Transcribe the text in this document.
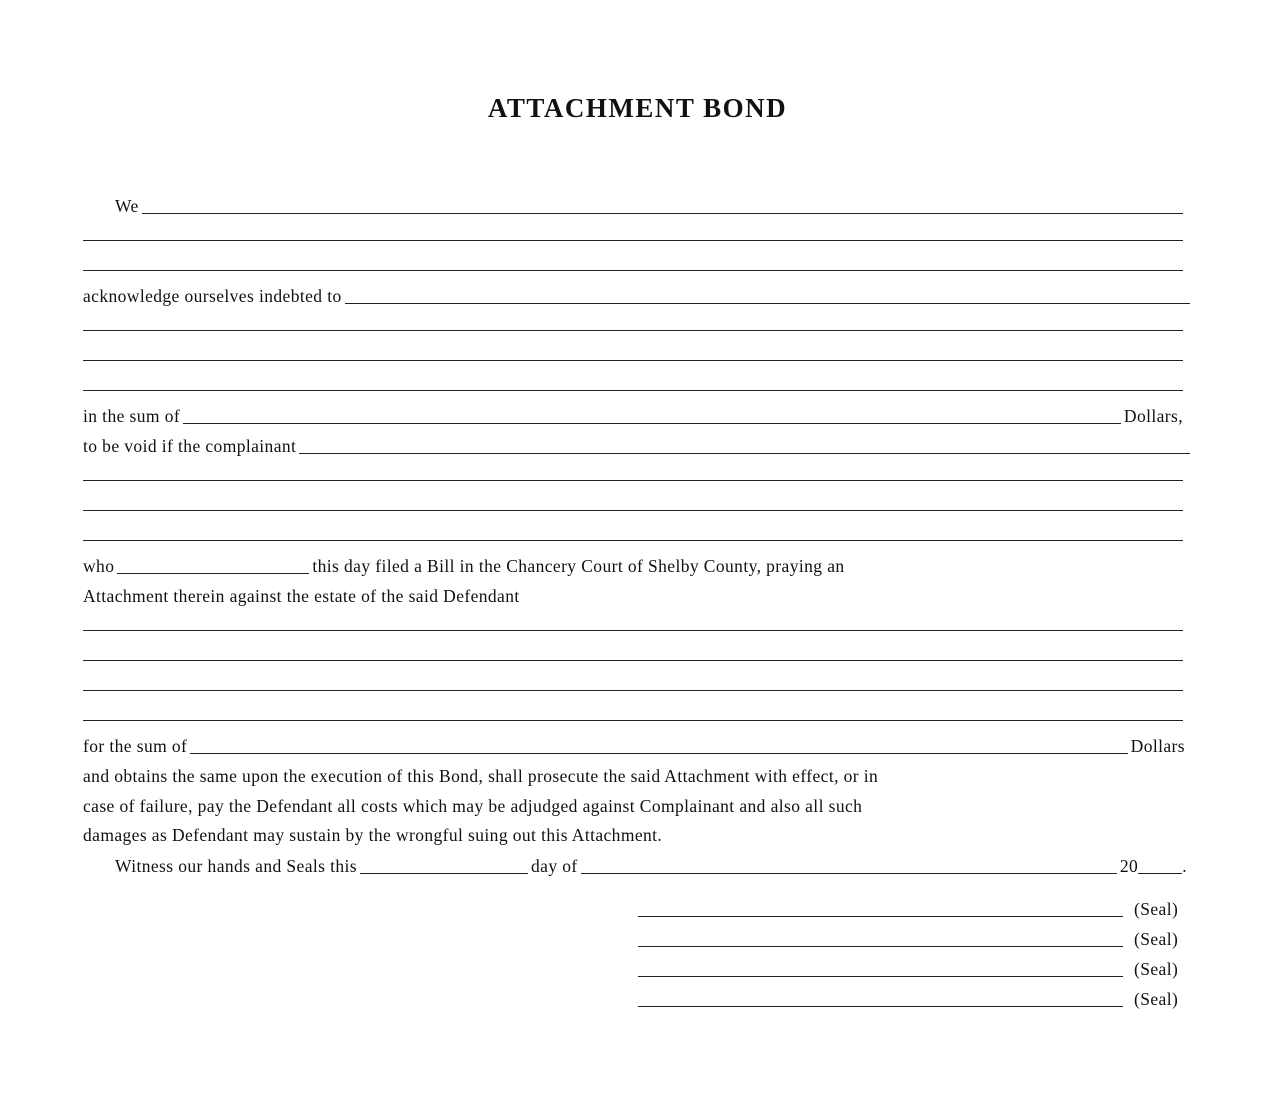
ATTACHMENT BOND
We
acknowledge ourselves indebted to
in the sum of	Dollars,
to be void if the complainant
who	this day filed a Bill in the Chancery Court of Shelby County, praying an
Attachment therein against the estate of the said Defendant
for the sum of	Dollars
and obtains the same upon the execution of this Bond, shall prosecute the said Attachment with effect, or in
case of failure, pay the Defendant all costs which may be adjudged against Complainant and also all such
damages as Defendant may sustain by the wrongful suing out this Attachment.
Witness our hands and Seals this	day of	20	.
(Seal)
(Seal)
(Seal)
(Seal)
